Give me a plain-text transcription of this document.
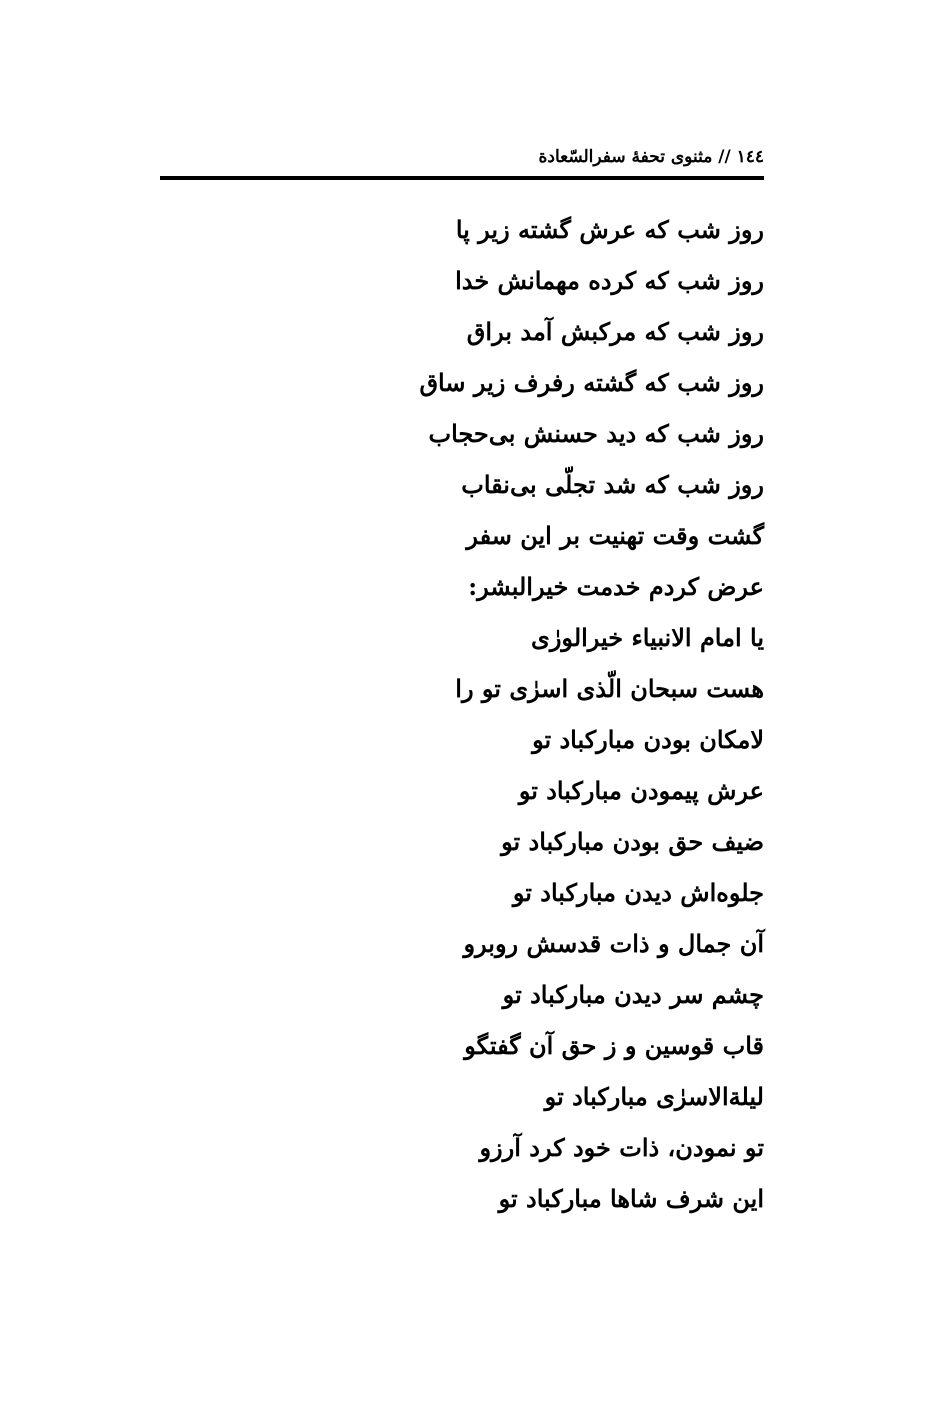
١٤٤ // مثنوی تحفهٔ سفرالسّعادة
روز شب که عرش گشته زیر پا
روز شب که کرده مهمانش خدا
روز شب که مرکبش آمد براق
روز شب که گشته رفرف زیر ساق
روز شب که دید حسنش بی‌حجاب
روز شب که شد تجلّی بی‌نقاب
گشت وقت تهنیت بر این سفر
عرض کردم خدمت خیرالبشر:
یا امام الانبیاء خیرالورٰی
هست سبحان الّذی اسرٰی تو را
لامکان بودن مبارکباد تو
عرش پیمودن مبارکباد تو
ضیف حق بودن مبارکباد تو
جلوه‌اش دیدن مبارکباد تو
آن جمال و ذات قدسش روبرو
چشم سر دیدن مبارکباد تو
قاب قوسین و ز حق آن گفتگو
لیلة‌الاسرٰی مبارکباد تو
تو نمودن، ذات خود کرد آرزو
این شرف شاها مبارکباد تو
